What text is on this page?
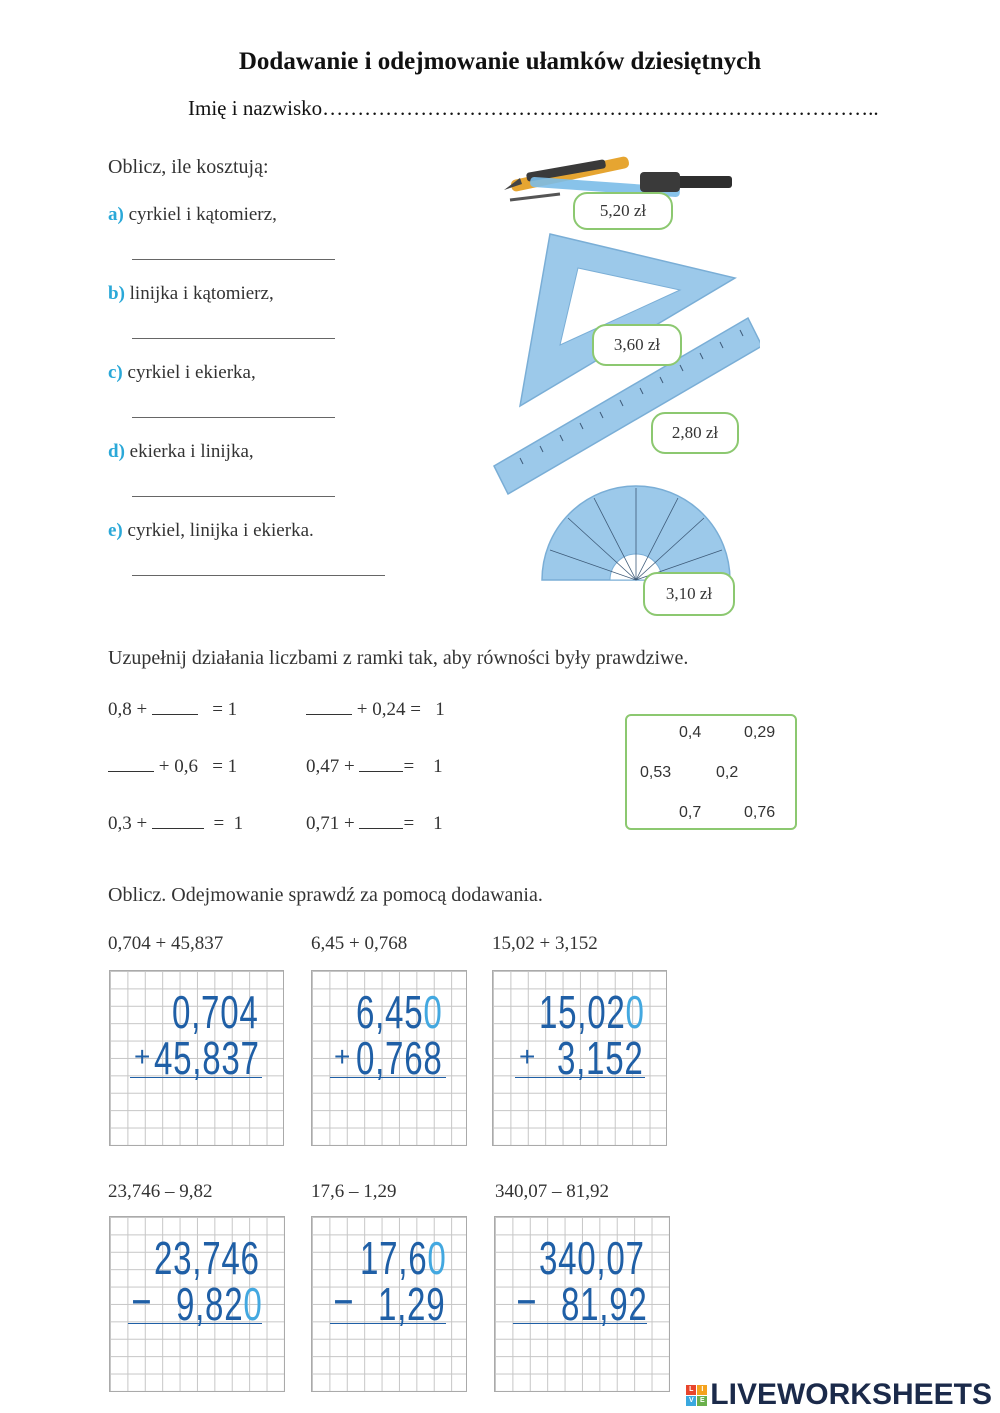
Dodawanie i odejmowanie ułamków dziesiętnych
Imię i nazwisko……………………………………………………………………..
Oblicz, ile kosztują:
a) cyrkiel i kątomierz,
b) linijka i kątomierz,
c) cyrkiel i ekierka,
d) ekierka i linijka,
e) cyrkiel, linijka i ekierka.
5,20 zł
3,60 zł
2,80 zł
3,10 zł
Uzupełnij działania liczbami z ramki tak, aby równości były prawdziwe.
0,8 +	= 1
+ 0,6 = 1
0,3 +	=  1
+ 0,24 = 1
0,47 +	=    1
0,71 +	=    1
0,4	0,29
0,53	0,2
0,7	0,76
Oblicz. Odejmowanie sprawdź za pomocą dodawania.
0,704 + 45,837	6,45 + 0,768	15,02 + 3,152
0,704
+ 45,837
6,450
+ 0,768
15,020
+ 3,152
23,746 – 9,82	17,6 – 1,29	340,07 – 81,92
23,746
– 9,820
17,60
– 1,29
340,07
– 81,92
L	I
V E LIVEWORKSHEETS
